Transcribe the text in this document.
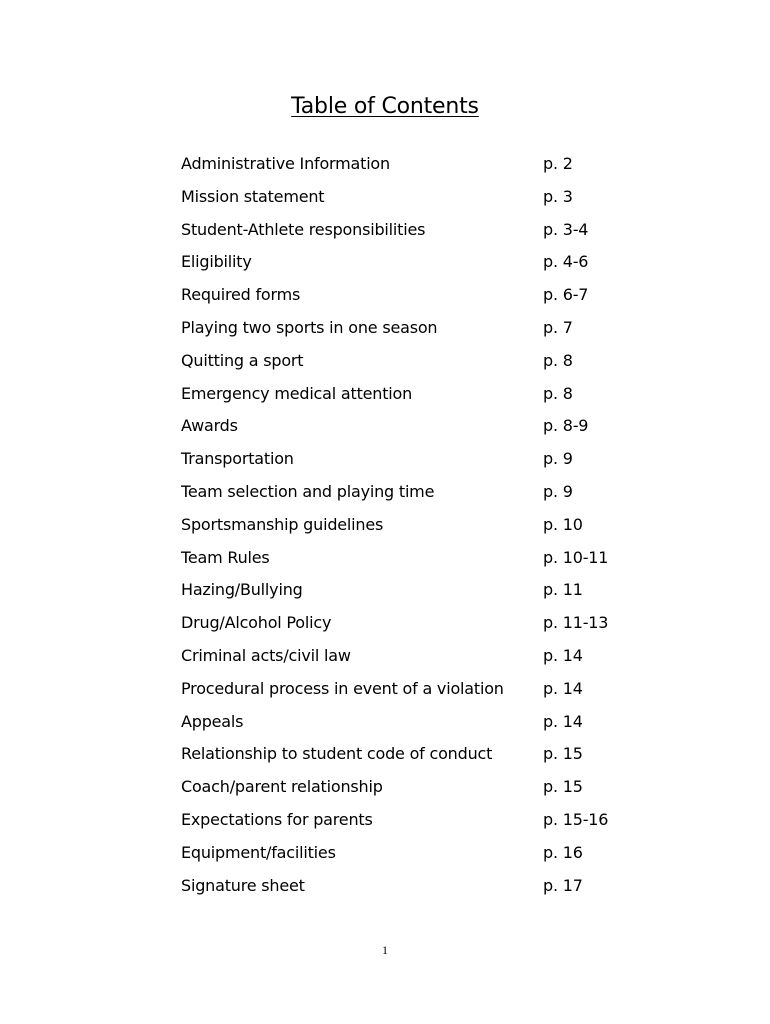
Table of Contents
Administrative Information	p. 2
Mission statement	p. 3
Student-Athlete responsibilities	p. 3-4
Eligibility	p. 4-6
Required forms	p. 6-7
Playing two sports in one season	p. 7
Quitting a sport	p. 8
Emergency medical attention	p. 8
Awards	p. 8-9
Transportation	p. 9
Team selection and playing time	p. 9
Sportsmanship guidelines	p. 10
Team Rules	p. 10-11
Hazing/Bullying	p. 11
Drug/Alcohol Policy	p. 11-13
Criminal acts/civil law	p. 14
Procedural process in event of a violation p. 14
Appeals	p. 14
Relationship to student code of conduct	p. 15
Coach/parent relationship	p. 15
Expectations for parents	p. 15-16
Equipment/facilities	p. 16
Signature sheet	p. 17
1
